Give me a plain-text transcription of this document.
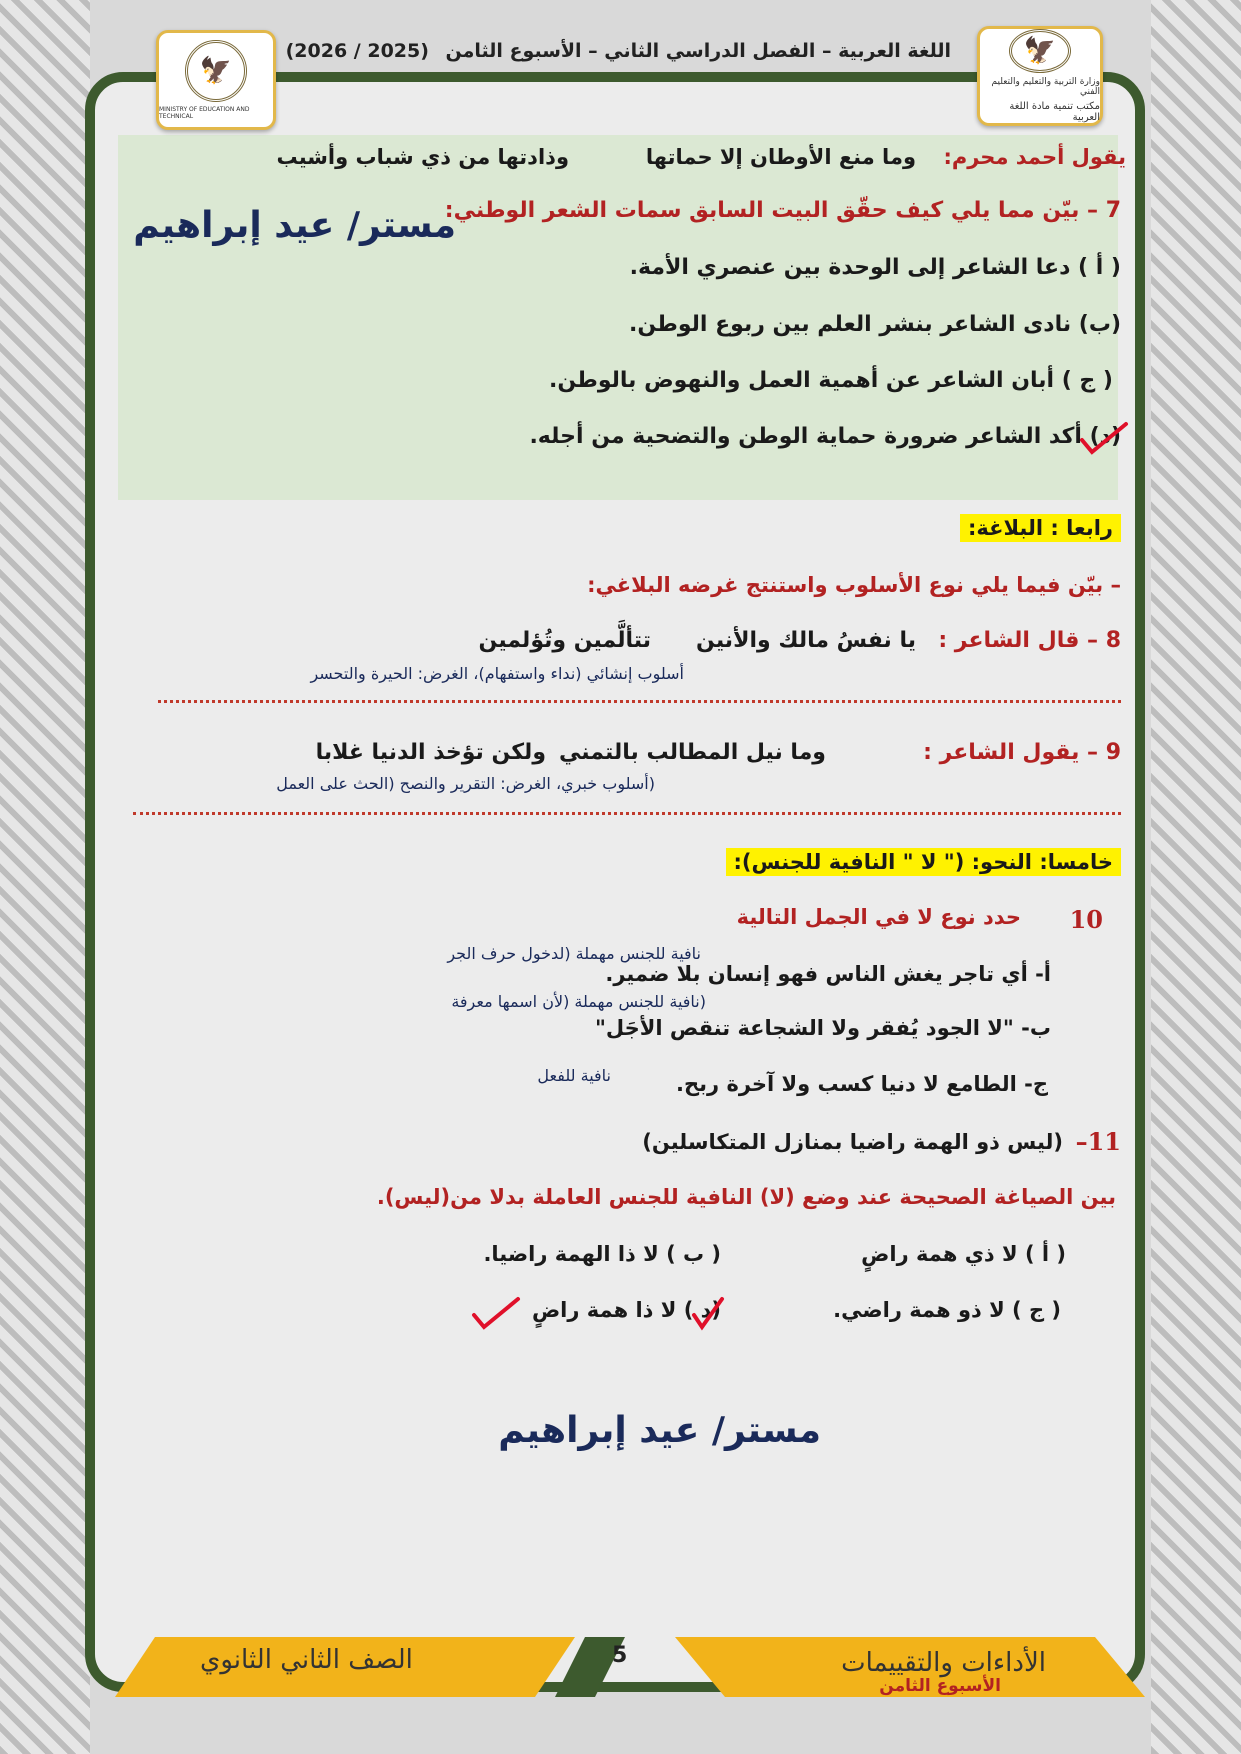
🦅
وزارة التربية والتعليم والتعليم الفني
مكتب تنمية مادة اللغة العربية
🦅
MINISTRY OF EDUCATION AND TECHNICAL
اللغة العربية – الفصل الدراسي الثاني – الأسبوع الثامن (2025 / 2026)
يقول أحمد محرم:
وما منع الأوطان إلا حماتها
وذادتها من ذي شباب وأشيب
7 – بيّن مما يلي كيف حقّق البيت السابق سمات الشعر الوطني:
مستر/ عيد إبراهيم
( أ ) دعا الشاعر إلى الوحدة بين عنصري الأمة.
(ب) نادى الشاعر بنشر العلم بين ربوع الوطن.
( ج ) أبان الشاعر عن أهمية العمل والنهوض بالوطن.
(د) أكد الشاعر ضرورة حماية الوطن والتضحية من أجله.
رابعا : البلاغة:
– بيّن فيما يلي نوع الأسلوب واستنتج غرضه البلاغي:
8 – قال الشاعر :
يا نفسُ مالك والأنين
تتألَّمين وتُؤلمين
أسلوب إنشائي (نداء واستفهام)، الغرض: الحيرة والتحسر
9 – يقول الشاعر :
وما نيل المطالب بالتمني
ولكن تؤخذ الدنيا غلابا
(أسلوب خبري، الغرض: التقرير والنصح (الحث على العمل
خامسا: النحو: (" لا " النافية للجنس):
10
حدد نوع لا في الجمل التالية
نافية للجنس مهملة (لدخول حرف الجر
أ- أي تاجر يغش الناس فهو إنسان بلا ضمير.
(نافية للجنس مهملة (لأن اسمها معرفة
ب- "لا الجود يُفقر ولا الشجاعة تنقص الأجَل"
نافية للفعل	ج- الطامع لا دنيا كسب ولا آخرة ربح.
11–
(ليس ذو الهمة راضيا بمنازل المتكاسلين)
بين الصياغة الصحيحة عند وضع (لا) النافية للجنس العاملة بدلا من(ليس).
( أ ) لا ذي همة راضٍ
( ب ) لا ذا الهمة راضيا.
( ج ) لا ذو همة راضي.
(د ) لا ذا همة راضٍ
مستر/ عيد إبراهيم
الصف الثاني الثانوي	5	الأداءات والتقييمات
الأسبوع الثامن
